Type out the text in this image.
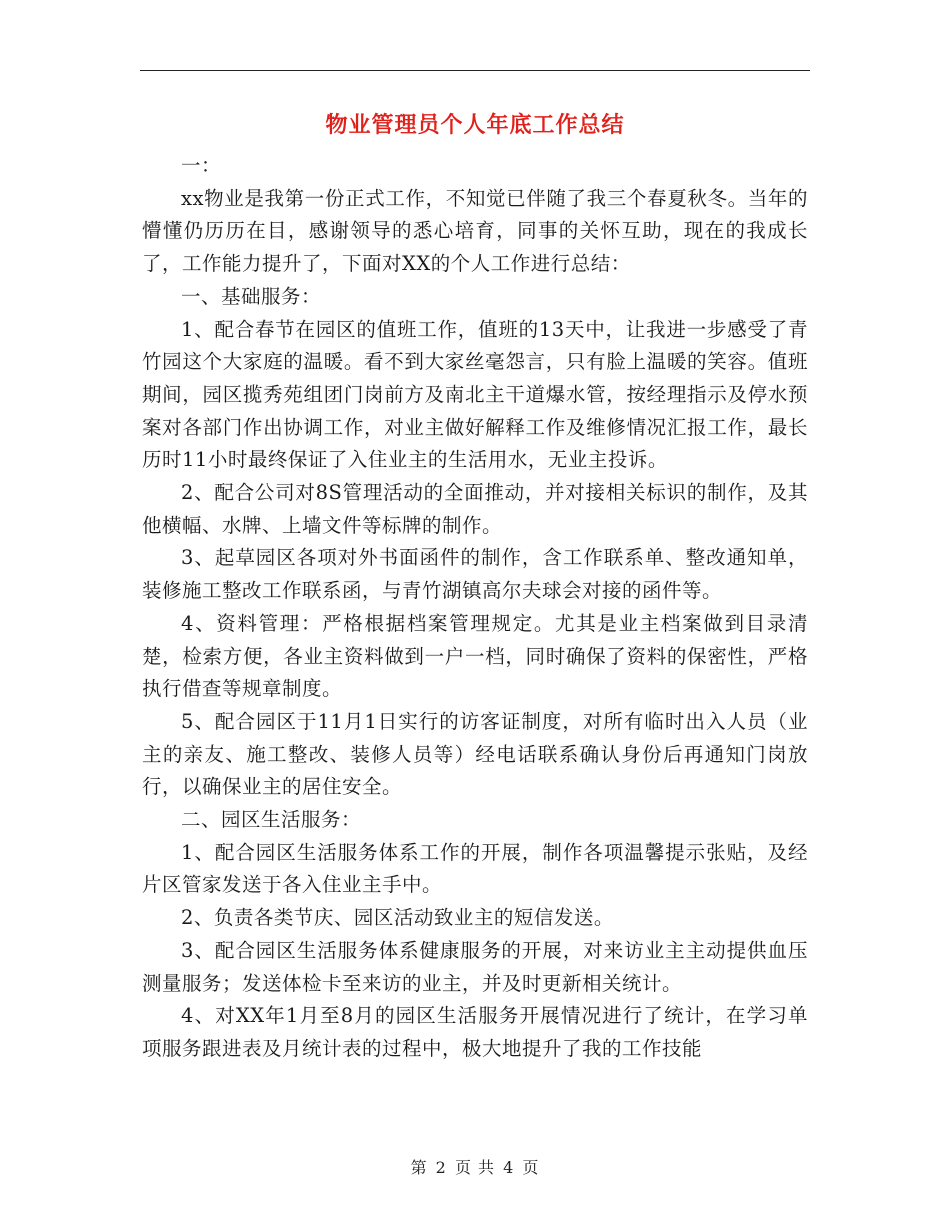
物业管理员个人年底工作总结

一：

xx物业是我第一份正式工作，不知觉已伴随了我三个春夏秋冬。当年的懵懂仍历历在目，感谢领导的悉心培育，同事的关怀互助，现在的我成长了，工作能力提升了，下面对XX的个人工作进行总结：

一、基础服务：

1、配合春节在园区的值班工作，值班的13天中，让我进一步感受了青竹园这个大家庭的温暖。看不到大家丝毫怨言，只有脸上温暖的笑容。值班期间，园区揽秀苑组团门岗前方及南北主干道爆水管，按经理指示及停水预案对各部门作出协调工作，对业主做好解释工作及维修情况汇报工作，最长历时11小时最终保证了入住业主的生活用水，无业主投诉。

2、配合公司对8S管理活动的全面推动，并对接相关标识的制作，及其他横幅、水牌、上墙文件等标牌的制作。

3、起草园区各项对外书面函件的制作，含工作联系单、整改通知单，装修施工整改工作联系函，与青竹湖镇高尔夫球会对接的函件等。

4、资料管理：严格根据档案管理规定。尤其是业主档案做到目录清楚，检索方便，各业主资料做到一户一档，同时确保了资料的保密性，严格执行借查等规章制度。

5、配合园区于11月1日实行的访客证制度，对所有临时出入人员（业主的亲友、施工整改、装修人员等）经电话联系确认身份后再通知门岗放行，以确保业主的居住安全。

二、园区生活服务：

1、配合园区生活服务体系工作的开展，制作各项温馨提示张贴，及经片区管家发送于各入住业主手中。

2、负责各类节庆、园区活动致业主的短信发送。

3、配合园区生活服务体系健康服务的开展，对来访业主主动提供血压测量服务；发送体检卡至来访的业主，并及时更新相关统计。

4、对XX年1月至8月的园区生活服务开展情况进行了统计，在学习单项服务跟进表及月统计表的过程中，极大地提升了我的工作技能

第 2 页 共 4 页
